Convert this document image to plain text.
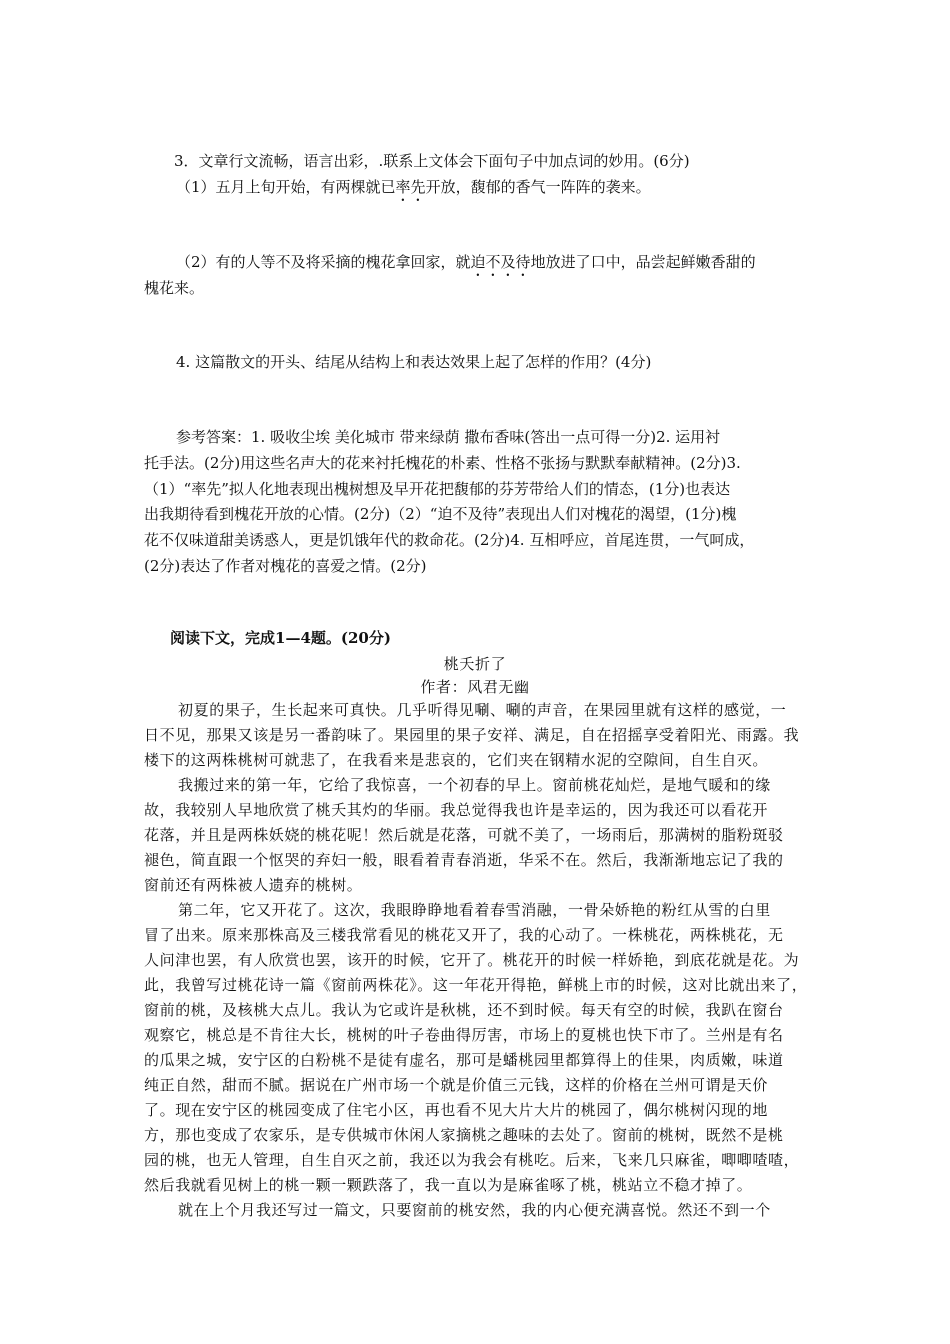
3．文章行文流畅，语言出彩，.联系上文体会下面句子中加点词的妙用。(6分)
（1）五月上旬开始，有两棵就已率先开放，馥郁的香气一阵阵的袭来。
（2）有的人等不及将采摘的槐花拿回家，就迫不及待地放进了口中，品尝起鲜嫩香甜的
槐花来。
4. 这篇散文的开头、结尾从结构上和表达效果上起了怎样的作用？(4分)
参考答案：1. 吸收尘埃 美化城市 带来绿荫 撒布香味(答出一点可得一分)2. 运用衬
托手法。(2分)用这些名声大的花来衬托槐花的朴素、性格不张扬与默默奉献精神。(2分)3.
（1）“率先”拟人化地表现出槐树想及早开花把馥郁的芬芳带给人们的情态，(1分)也表达
出我期待看到槐花开放的心情。(2分)（2）“迫不及待”表现出人们对槐花的渴望，(1分)槐
花不仅味道甜美诱惑人，更是饥饿年代的救命花。(2分)4. 互相呼应，首尾连贯，一气呵成，
(2分)表达了作者对槐花的喜爱之情。(2分)
阅读下文，完成1—4题。(20分)
桃夭折了
作者：风君无幽
初夏的果子，生长起来可真快。几乎听得见唰、唰的声音，在果园里就有这样的感觉，一
日不见，那果又该是另一番韵味了。果园里的果子安祥、满足，自在招摇享受着阳光、雨露。我
楼下的这两株桃树可就悲了，在我看来是悲哀的，它们夹在钢精水泥的空隙间，自生自灭。
我搬过来的第一年，它给了我惊喜，一个初春的早上。窗前桃花灿烂，是地气暖和的缘
故，我较别人早地欣赏了桃夭其灼的华丽。我总觉得我也许是幸运的，因为我还可以看花开
花落，并且是两株妖娆的桃花呢！然后就是花落，可就不美了，一场雨后，那满树的脂粉斑驳
褪色，简直跟一个怄哭的弃妇一般，眼看着青春消逝，华采不在。然后，我渐渐地忘记了我的
窗前还有两株被人遗弃的桃树。
第二年，它又开花了。这次，我眼睁睁地看着春雪消融，一骨朵娇艳的粉红从雪的白里
冒了出来。原来那株高及三楼我常看见的桃花又开了，我的心动了。一株桃花，两株桃花，无
人问津也罢，有人欣赏也罢，该开的时候，它开了。桃花开的时候一样娇艳，到底花就是花。为
此，我曾写过桃花诗一篇《窗前两株花》。这一年花开得艳，鲜桃上市的时候，这对比就出来了，
窗前的桃，及核桃大点儿。我认为它或许是秋桃，还不到时候。每天有空的时候，我趴在窗台
观察它，桃总是不肯往大长，桃树的叶子卷曲得厉害，市场上的夏桃也快下市了。兰州是有名
的瓜果之城，安宁区的白粉桃不是徒有虚名，那可是蟠桃园里都算得上的佳果，肉质嫩，味道
纯正自然，甜而不腻。据说在广州市场一个就是价值三元钱，这样的价格在兰州可谓是天价
了。现在安宁区的桃园变成了住宅小区，再也看不见大片大片的桃园了，偶尔桃树闪现的地
方，那也变成了农家乐，是专供城市休闲人家摘桃之趣味的去处了。窗前的桃树，既然不是桃
园的桃，也无人管理，自生自灭之前，我还以为我会有桃吃。后来，飞来几只麻雀，唧唧喳喳，
然后我就看见树上的桃一颗一颗跌落了，我一直以为是麻雀啄了桃，桃站立不稳才掉了。
就在上个月我还写过一篇文，只要窗前的桃安然，我的内心便充满喜悦。然还不到一个
